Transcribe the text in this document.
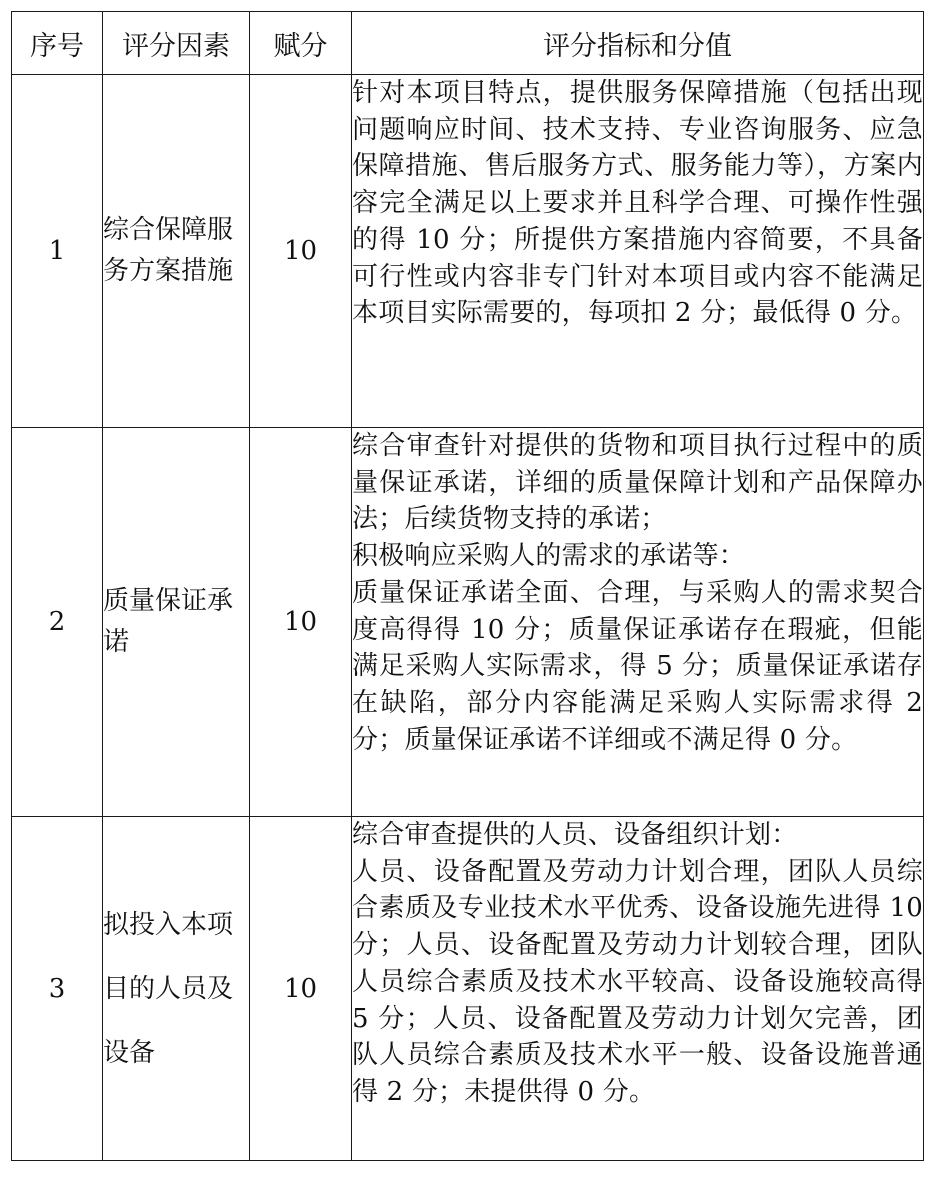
序号	评分因素	赋分	评分指标和分值
1	综合保障服务方案措施	10	针对本项目特点，提供服务保障措施（包括出现问题响应时间、技术支持、专业咨询服务、应急保障措施、售后服务方式、服务能力等），方案内容完全满足以上要求并且科学合理、可操作性强的得 10 分；所提供方案措施内容简要，不具备可行性或内容非专门针对本项目或内容不能满足本项目实际需要的，每项扣 2 分；最低得 0 分。
2	质量保证承诺	10	综合审查针对提供的货物和项目执行过程中的质量保证承诺，详细的质量保障计划和产品保障办法；后续货物支持的承诺；
积极响应采购人的需求的承诺等：
质量保证承诺全面、合理，与采购人的需求契合度高得得 10 分；质量保证承诺存在瑕疵，但能满足采购人实际需求，得 5 分；质量保证承诺存在缺陷，部分内容能满足采购人实际需求得 2 分；质量保证承诺不详细或不满足得 0 分。
3	拟投入本项目的人员及设备	10	综合审查提供的人员、设备组织计划：
人员、设备配置及劳动力计划合理，团队人员综合素质及专业技术水平优秀、设备设施先进得 10 分；人员、设备配置及劳动力计划较合理，团队人员综合素质及技术水平较高、设备设施较高得 5 分；人员、设备配置及劳动力计划欠完善，团队人员综合素质及技术水平一般、设备设施普通得 2 分；未提供得 0 分。
